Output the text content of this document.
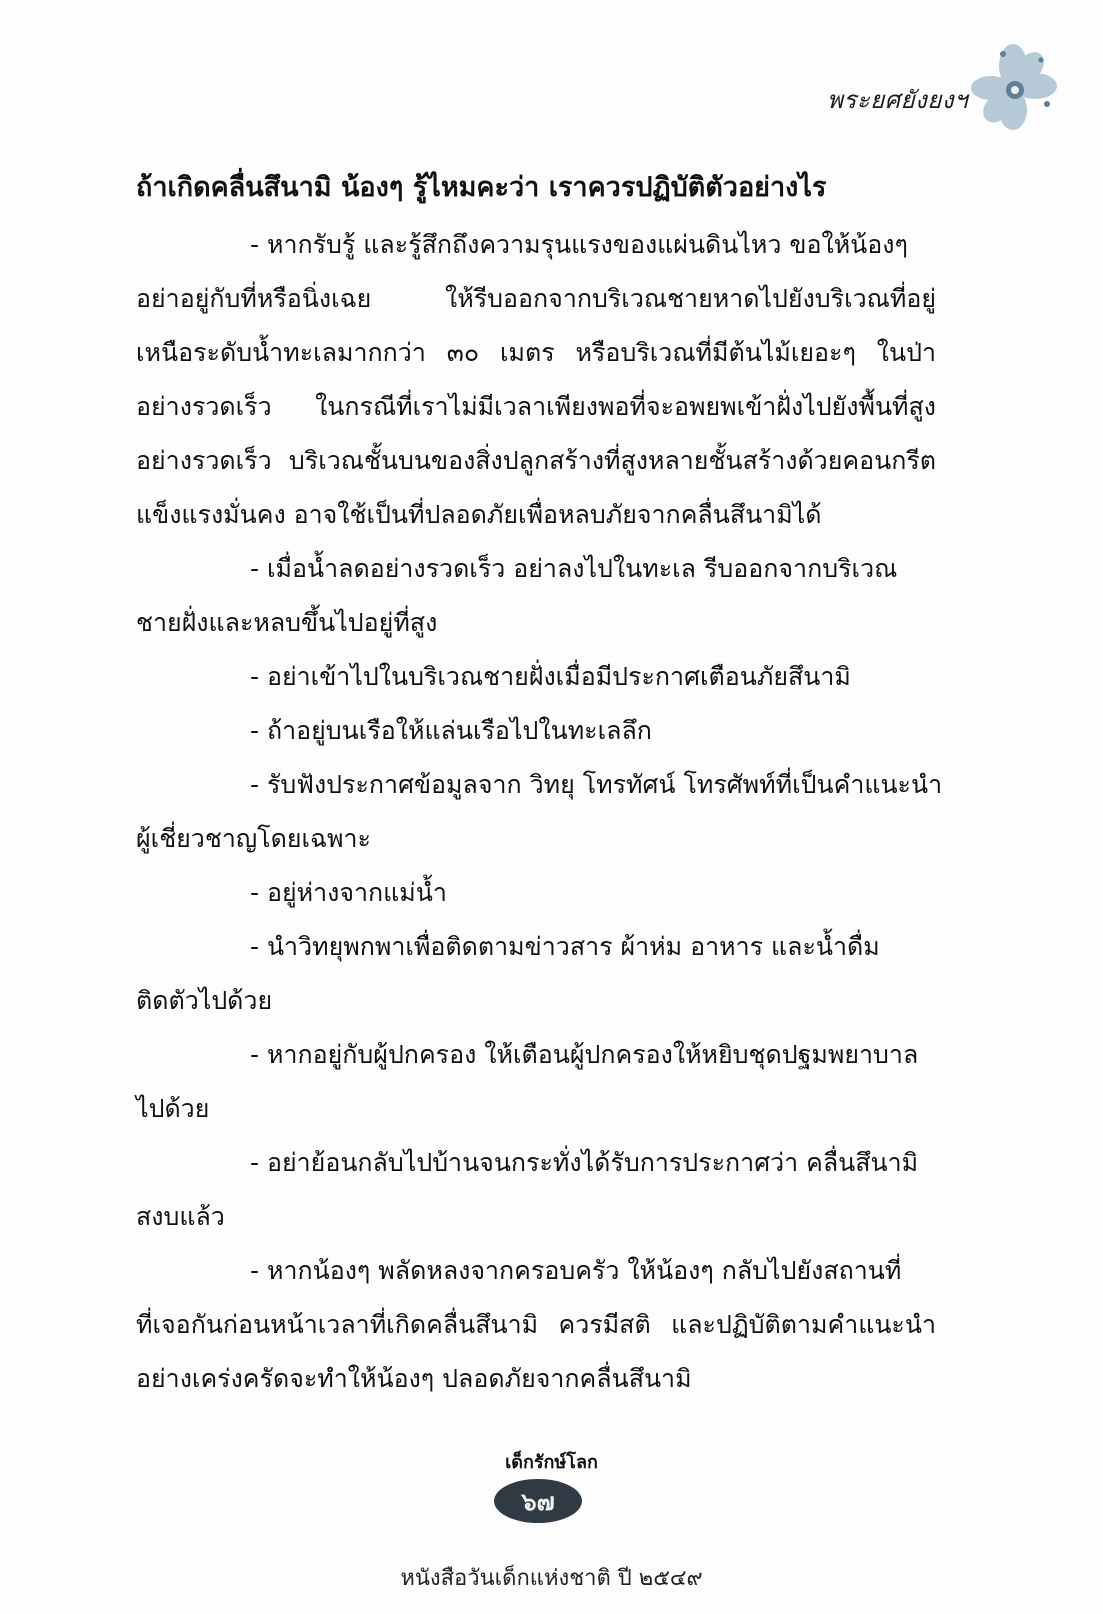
พระยศยังยงฯ
ถ้าเกิดคลื่นสึนามิ น้องๆ รู้ไหมคะว่า เราควรปฏิบัติตัวอย่างไร
- หากรับรู้ และรู้สึกถึงความรุนแรงของแผ่นดินไหว ขอให้น้องๆ
อย่าอยู่กับที่หรือนิ่งเฉย ให้รีบออกจากบริเวณชายหาดไปยังบริเวณที่อยู่
เหนือระดับน้ำทะเลมากกว่า ๓๐ เมตร หรือบริเวณที่มีต้นไม้เยอะๆ ในป่า
อย่างรวดเร็ว ในกรณีที่เราไม่มีเวลาเพียงพอที่จะอพยพเข้าฝั่งไปยังพื้นที่สูง
อย่างรวดเร็ว บริเวณชั้นบนของสิ่งปลูกสร้างที่สูงหลายชั้นสร้างด้วยคอนกรีต
แข็งแรงมั่นคง อาจใช้เป็นที่ปลอดภัยเพื่อหลบภัยจากคลื่นสึนามิได้
- เมื่อน้ำลดอย่างรวดเร็ว อย่าลงไปในทะเล รีบออกจากบริเวณ
ชายฝั่งและหลบขึ้นไปอยู่ที่สูง
- อย่าเข้าไปในบริเวณชายฝั่งเมื่อมีประกาศเตือนภัยสึนามิ
- ถ้าอยู่บนเรือให้แล่นเรือไปในทะเลลึก
- รับฟังประกาศข้อมูลจาก วิทยุ โทรทัศน์ โทรศัพท์ที่เป็นคำแนะนำ
ผู้เชี่ยวชาญโดยเฉพาะ
- อยู่ห่างจากแม่น้ำ
- นำวิทยุพกพาเพื่อติดตามข่าวสาร ผ้าห่ม อาหาร และน้ำดื่ม
ติดตัวไปด้วย
- หากอยู่กับผู้ปกครอง ให้เตือนผู้ปกครองให้หยิบชุดปฐมพยาบาล
ไปด้วย
- อย่าย้อนกลับไปบ้านจนกระทั่งได้รับการประกาศว่า คลื่นสึนามิ
สงบแล้ว
- หากน้องๆ พลัดหลงจากครอบครัว ให้น้องๆ กลับไปยังสถานที่
ที่เจอกันก่อนหน้าเวลาที่เกิดคลื่นสึนามิ ควรมีสติ และปฏิบัติตามคำแนะนำ
อย่างเคร่งครัดจะทำให้น้องๆ ปลอดภัยจากคลื่นสึนามิ
เด็กรักษ์โลก
๖๗
หนังสือวันเด็กแห่งชาติ ปี ๒๕๔๙
